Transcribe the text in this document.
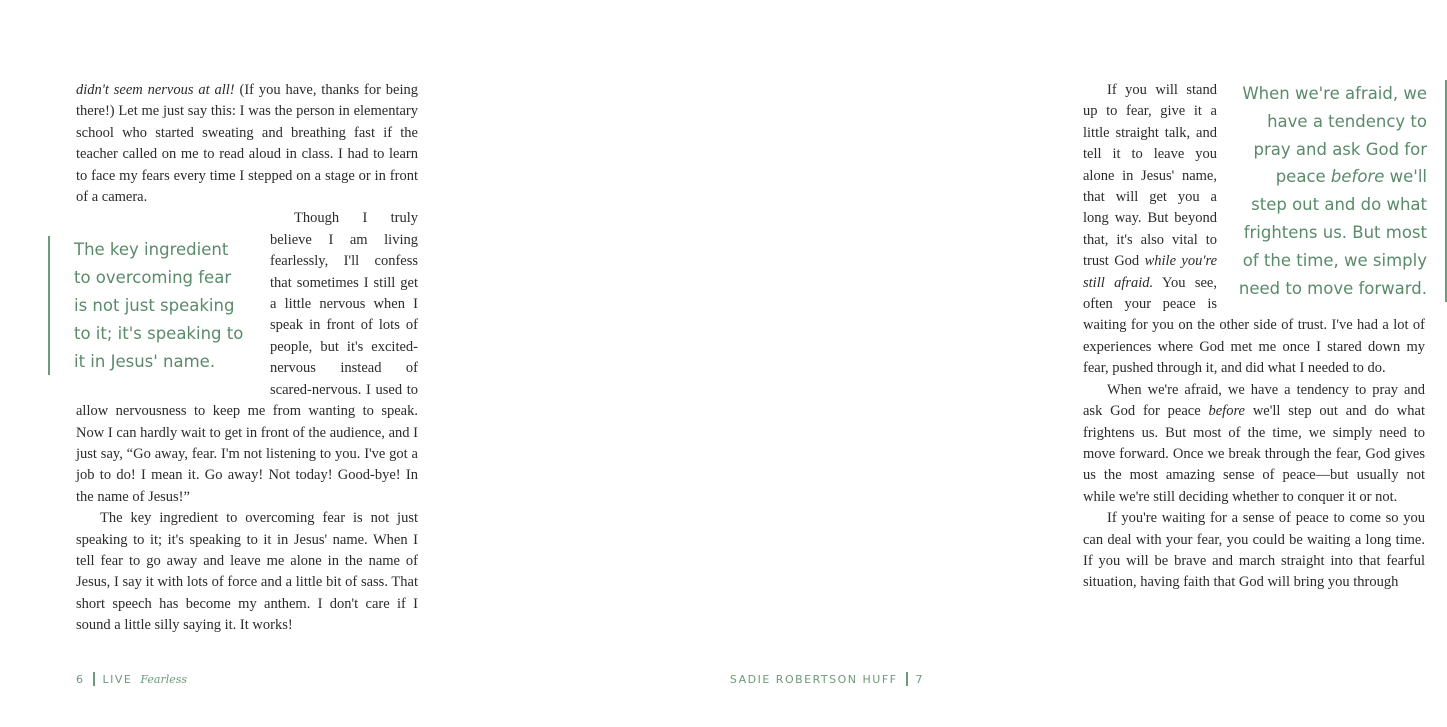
didn't seem nervous at all! (If you have, thanks for being there!) Let me just say this: I was the person in elementary school who started sweating and breathing fast if the teacher called on me to read aloud in class. I had to learn to face my fears every time I stepped on a stage or in front of a camera.

The key ingredient to overcoming fear is not just speaking to it; it's speaking to it in Jesus' name.

Though I truly believe I am living fearlessly, I'll confess that sometimes I still get a little nervous when I speak in front of lots of people, but it's excited-nervous instead of scared-nervous. I used to allow nervousness to keep me from wanting to speak. Now I can hardly wait to get in front of the audience, and I just say, “Go away, fear. I'm not listening to you. I've got a job to do! I mean it. Go away! Not today! Good-bye! In the name of Jesus!”

The key ingredient to overcoming fear is not just speaking to it; it's speaking to it in Jesus' name. When I tell fear to go away and leave me alone in the name of Jesus, I say it with lots of force and a little bit of sass. That short speech has become my anthem. I don't care if I sound a little silly saying it. It works!

6 LIVE Fearless
When we're afraid, we have a tendency to pray and ask God for peace before we'll step out and do what frightens us. But most of the time, we simply need to move forward.

If you will stand up to fear, give it a little straight talk, and tell it to leave you alone in Jesus' name, that will get you a long way. But beyond that, it's also vital to trust God while you're still afraid. You see, often your peace is waiting for you on the other side of trust. I've had a lot of experiences where God met me once I stared down my fear, pushed through it, and did what I needed to do.

When we're afraid, we have a tendency to pray and ask God for peace before we'll step out and do what frightens us. But most of the time, we simply need to move forward. Once we break through the fear, God gives us the most amazing sense of peace—but usually not while we're still deciding whether to conquer it or not.

If you're waiting for a sense of peace to come so you can deal with your fear, you could be waiting a long time. If you will be brave and march straight into that fearful situation, having faith that God will bring you through

SADIE ROBERTSON HUFF 7
